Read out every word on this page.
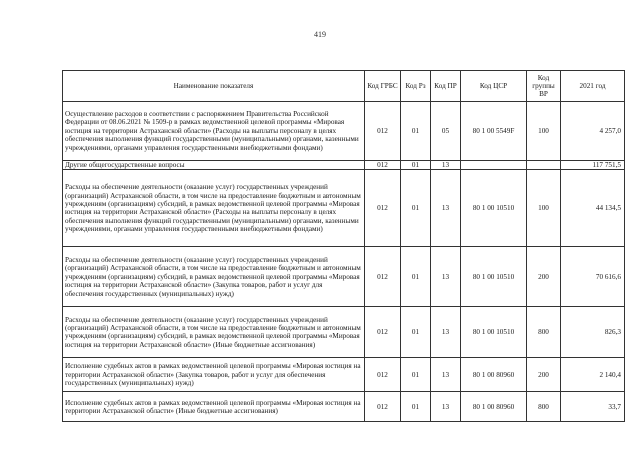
419
Наименование показателя	Код ГРБС	Код Рз	Код ПР	Код ЦСР	Код группы ВР	2021 год
Осуществление расходов в соответствии с распоряжением Правительства Российской Федерации от 08.06.2021 № 1509-р в рамках ведомственной целевой программы «Мировая юстиция на территории Астраханской области» (Расходы на выплаты персоналу в целях обеспечения выполнения функций государственными (муниципальными) органами, казенными учреждениями, органами управления государственными внебюджетными фондами)	012	01	05	80 1 00 5549F	100	4 257,0
Другие общегосударственные вопросы	012	01	13			117 751,5
Расходы на обеспечение деятельности (оказание услуг) государственных учреждений (организаций) Астраханской области, в том числе на предоставление бюджетным и автономным учреждениям (организациям) субсидий, в рамках ведомственной целевой программы «Мировая юстиция на территории Астраханской области» (Расходы на выплаты персоналу в целях обеспечения выполнения функций государственными (муниципальными) органами, казенными учреждениями, органами управления государственными внебюджетными фондами)	012	01	13	80 1 00 10510	100	44 134,5
Расходы на обеспечение деятельности (оказание услуг) государственных учреждений (организаций) Астраханской области, в том числе на предоставление бюджетным и автономным учреждениям (организациям) субсидий, в рамках ведомственной целевой программы «Мировая юстиция на территории Астраханской области» (Закупка товаров, работ и услуг для обеспечения государственных (муниципальных) нужд)	012	01	13	80 1 00 10510	200	70 616,6
Расходы на обеспечение деятельности (оказание услуг) государственных учреждений (организаций) Астраханской области, в том числе на предоставление бюджетным и автономным учреждениям (организациям) субсидий, в рамках ведомственной целевой программы «Мировая юстиция на территории Астраханской области» (Иные бюджетные ассигнования)	012	01	13	80 1 00 10510	800	826,3
Исполнение судебных актов в рамках ведомственной целевой программы «Мировая юстиция на территории Астраханской области» (Закупка товаров, работ и услуг для обеспечения государственных (муниципальных) нужд)	012	01	13	80 1 00 80960	200	2 140,4
Исполнение судебных актов в рамках ведомственной целевой программы «Мировая юстиция на территории Астраханской области» (Иные бюджетные ассигнования)	012	01	13	80 1 00 80960	800	33,7
